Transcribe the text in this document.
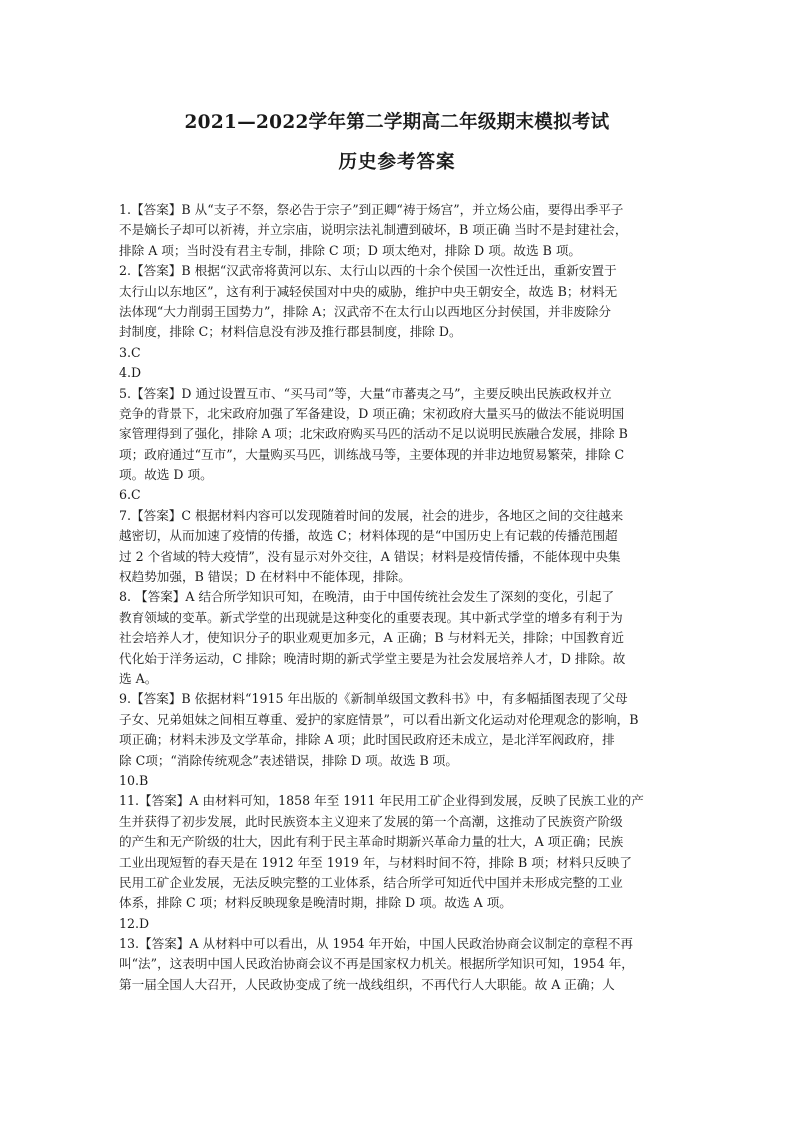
2021—2022学年第二学期高二年级期末模拟考试
历史参考答案
1.【答案】B 从“支子不祭，祭必告于宗子”到正卿“祷于炀宫”，并立炀公庙，要得出季平子
不是嫡长子却可以祈祷，并立宗庙，说明宗法礼制遭到破坏，B 项正确 当时不是封建社会，
排除 A 项；当时没有君主专制，排除 C 项；D 项太绝对，排除 D 项。故选 B 项。
2.【答案】B 根据“汉武帝将黄河以东、太行山以西的十余个侯国一次性迁出，重新安置于
太行山以东地区”，这有利于减轻侯国对中央的威胁，维护中央王朝安全，故选 B；材料无
法体现“大力削弱王国势力”，排除 A；汉武帝不在太行山以西地区分封侯国，并非废除分
封制度，排除 C；材料信息没有涉及推行郡县制度，排除 D。
3.C
4.D
5.【答案】D 通过设置互市、“买马司”等，大量“市蕃夷之马”，主要反映出民族政权并立
竞争的背景下，北宋政府加强了军备建设，D 项正确；宋初政府大量买马的做法不能说明国
家管理得到了强化，排除 A 项；北宋政府购买马匹的活动不足以说明民族融合发展，排除 B
项；政府通过“互市”，大量购买马匹，训练战马等，主要体现的并非边地贸易繁荣，排除 C
项。故选 D 项。
6.C
7.【答案】C 根据材料内容可以发现随着时间的发展，社会的进步，各地区之间的交往越来
越密切，从而加速了疫情的传播，故选 C；材料体现的是“中国历史上有记载的传播范围超
过 2 个省域的特大疫情”，没有显示对外交往，A 错误；材料是疫情传播，不能体现中央集
权趋势加强，B 错误；D 在材料中不能体现，排除。
8. 【答案】A 结合所学知识可知，在晚清，由于中国传统社会发生了深刻的变化，引起了
教育领域的变革。新式学堂的出现就是这种变化的重要表现。其中新式学堂的增多有利于为
社会培养人才，使知识分子的职业观更加多元，A 正确；B 与材料无关，排除；中国教育近
代化始于洋务运动，C 排除；晚清时期的新式学堂主要是为社会发展培养人才，D 排除。故
选 A。
9.【答案】B 依据材料“1915 年出版的《新制单级国文教科书》中，有多幅插图表现了父母
子女、兄弟姐妹之间相互尊重、爱护的家庭情景”，可以看出新文化运动对伦理观念的影响，B
项正确；材料未涉及文学革命，排除 A 项；此时国民政府还未成立，是北洋军阀政府，排
除 C项；“消除传统观念”表述错误，排除 D 项。故选 B 项。
10.B
11.【答案】A 由材料可知，1858 年至 1911 年民用工矿企业得到发展，反映了民族工业的产
生并获得了初步发展，此时民族资本主义迎来了发展的第一个高潮，这推动了民族资产阶级
的产生和无产阶级的壮大，因此有利于民主革命时期新兴革命力量的壮大，A 项正确；民族
工业出现短暂的春天是在 1912 年至 1919 年，与材料时间不符，排除 B 项；材料只反映了
民用工矿企业发展，无法反映完整的工业体系，结合所学可知近代中国并未形成完整的工业
体系，排除 C 项；材料反映现象是晚清时期，排除 D 项。故选 A 项。
12.D
13.【答案】A 从材料中可以看出，从 1954 年开始，中国人民政治协商会议制定的章程不再
叫“法”，这表明中国人民政治协商会议不再是国家权力机关。根据所学知识可知，1954 年，
第一届全国人大召开，人民政协变成了统一战线组织，不再代行人大职能。故 A 正确；人
